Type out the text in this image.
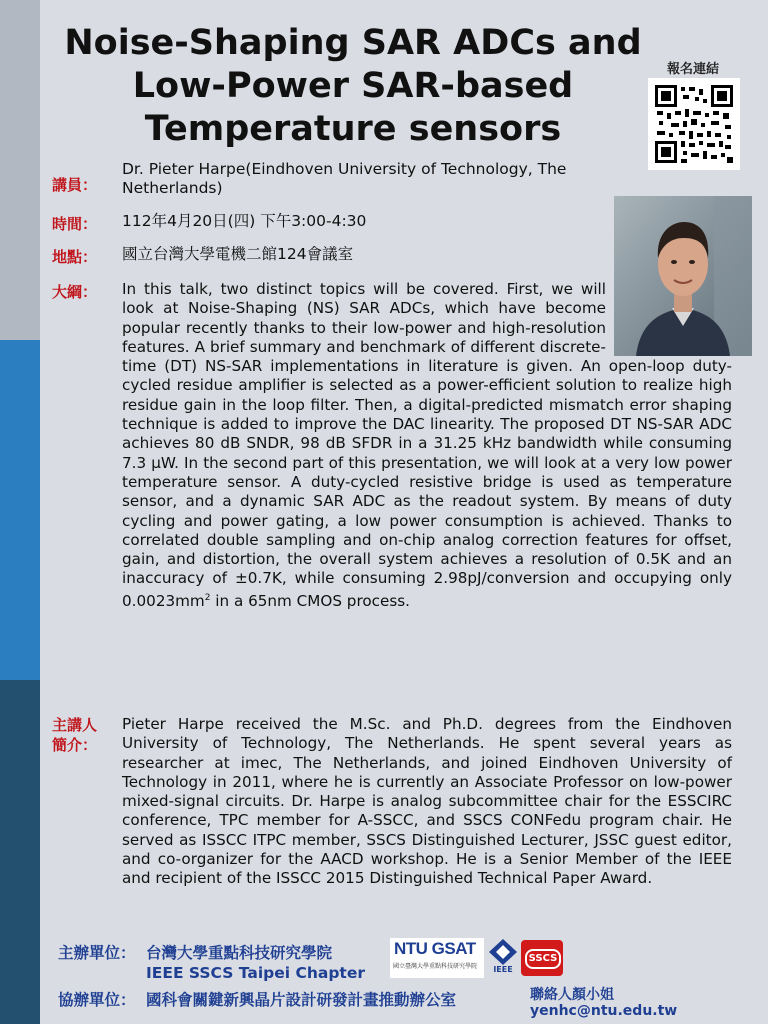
Noise-Shaping SAR ADCs and
Low-Power SAR-based
Temperature sensors
報名連結
講員：
Dr. Pieter Harpe(Eindhoven University of Technology, The Netherlands)
時間： 112年4月20日(四) 下午3:00-4:30
地點： 國立台灣大學電機二館124會議室
大綱： In this talk, two distinct topics will be covered. First, we will look at Noise-Shaping (NS) SAR ADCs, which have become popular recently thanks to their low-power and high-resolution features. A brief summary and benchmark of different discrete-time (DT) NS-SAR implementations in literature is given. An open-loop duty-cycled residue amplifier is selected as a power-efficient solution to realize high residue gain in the loop filter. Then, a digital-predicted mismatch error shaping technique is added to improve the DAC linearity. The proposed DT NS-SAR ADC achieves 80 dB SNDR, 98 dB SFDR in a 31.25 kHz bandwidth while consuming 7.3 µW. In the second part of this presentation, we will look at a very low power temperature sensor. A duty-cycled resistive bridge is used as temperature sensor, and a dynamic SAR ADC as the readout system. By means of duty cycling and power gating, a low power consumption is achieved. Thanks to correlated double sampling and on-chip analog correction features for offset, gain, and distortion, the overall system achieves a resolution of 0.5K and an inaccuracy of ±0.7K, while consuming 2.98pJ/conversion and occupying only $0.0023mm^2$ in a 65nm CMOS process.
主講人
簡介：
Pieter Harpe received the M.Sc. and Ph.D. degrees from the Eindhoven University of Technology, The Netherlands. He spent several years as researcher at imec, The Netherlands, and joined Eindhoven University of Technology in 2011, where he is currently an Associate Professor on low-power mixed-signal circuits. Dr. Harpe is analog subcommittee chair for the ESSCIRC conference, TPC member for A-SSCC, and SSCS CONFedu program chair. He served as ISSCC ITPC member, SSCS Distinguished Lecturer, JSSC guest editor, and co-organizer for the AACD workshop. He is a Senior Member of the IEEE and recipient of the ISSCC 2015 Distinguished Technical Paper Award.
主辦單位： 台灣大學重點科技研究學院
IEEE SSCS Taipei Chapter
協辦單位： 國科會關鍵新興晶片設計研發計畫推動辦公室
NTU GSAT
國立臺灣大學重點科技研究學院	IEEE
SSCS
聯絡人顏小姐
yenhc@ntu.edu.tw
